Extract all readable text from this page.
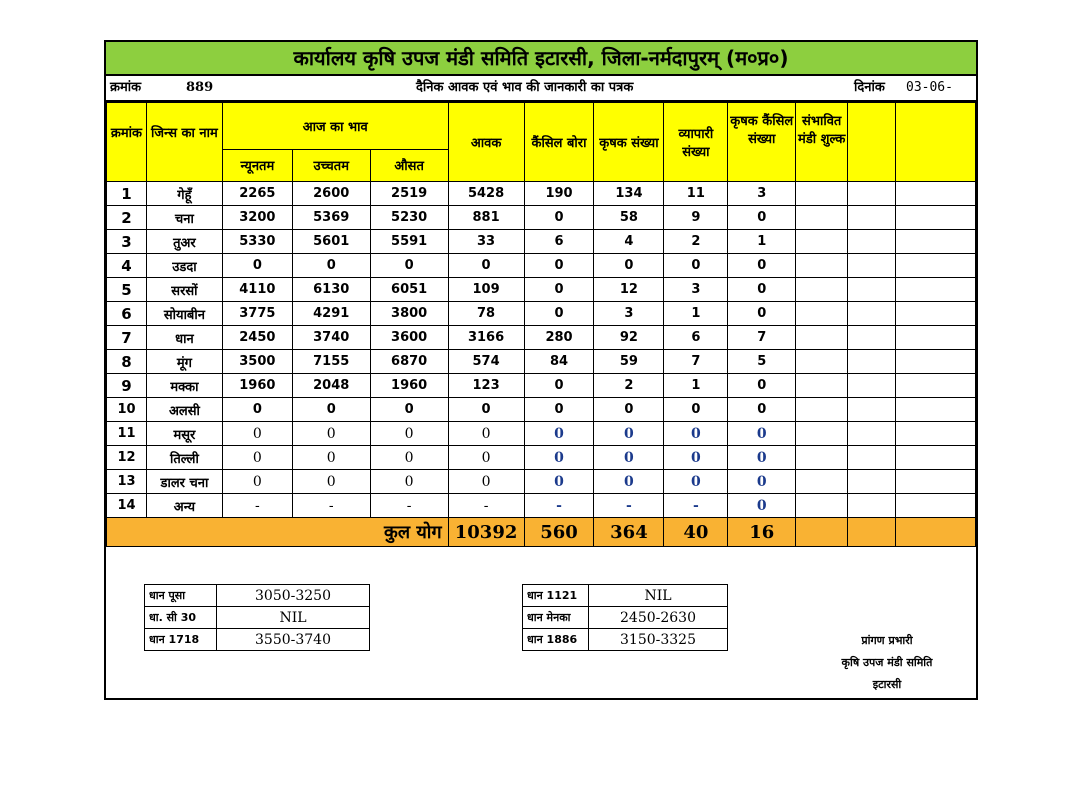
कार्यालय कृषि उपज मंडी समिति इटारसी, जिला-नर्मदापुरम् (म०प्र०)
क्रमांक	889	दैनिक आवक एवं भाव की जानकारी का पत्रक	दिनांक 03-06-
क्रमांक	जिन्स का नाम	आज का भाव			आवक	कैंसिल बोरा	कृषक संख्या	व्यापारी संख्या	कृषक कैंसिल संख्या	संभावित मंडी शुल्क		
		न्यूनतम	उच्चतम	औसत								
1	गेहूँ	2265	2600	2519	5428	190	134	11	3			
2	चना	3200	5369	5230	881	0	58	9	0			
3	तुअर	5330	5601	5591	33	6	4	2	1			
4	उडदा	0	0	0	0	0	0	0	0			
5	सरसों	4110	6130	6051	109	0	12	3	0			
6	सोयाबीन	3775	4291	3800	78	0	3	1	0			
7	धान	2450	3740	3600	3166	280	92	6	7			
8	मूंग	3500	7155	6870	574	84	59	7	5			
9	मक्का	1960	2048	1960	123	0	2	1	0			
10	अलसी	0	0	0	0	0	0	0	0			
11	मसूर	0	0	0	0	0	0	0	0			
12	तिल्ली	0	0	0	0	0	0	0	0			
13	डालर चना	0	0	0	0	0	0	0	0			
14	अन्य	-	-	-	-	-	-	-	0			
कुल योग					10392	560	364	40	16			
धान पूसा	3050-3250
धा. सी 30	NIL
धान 1718	3550-3740
धान 1121	NIL
धान मेनका	2450-2630
धान 1886	3150-3325	प्रांगण प्रभारी
कृषि उपज मंडी समिति
इटारसी
